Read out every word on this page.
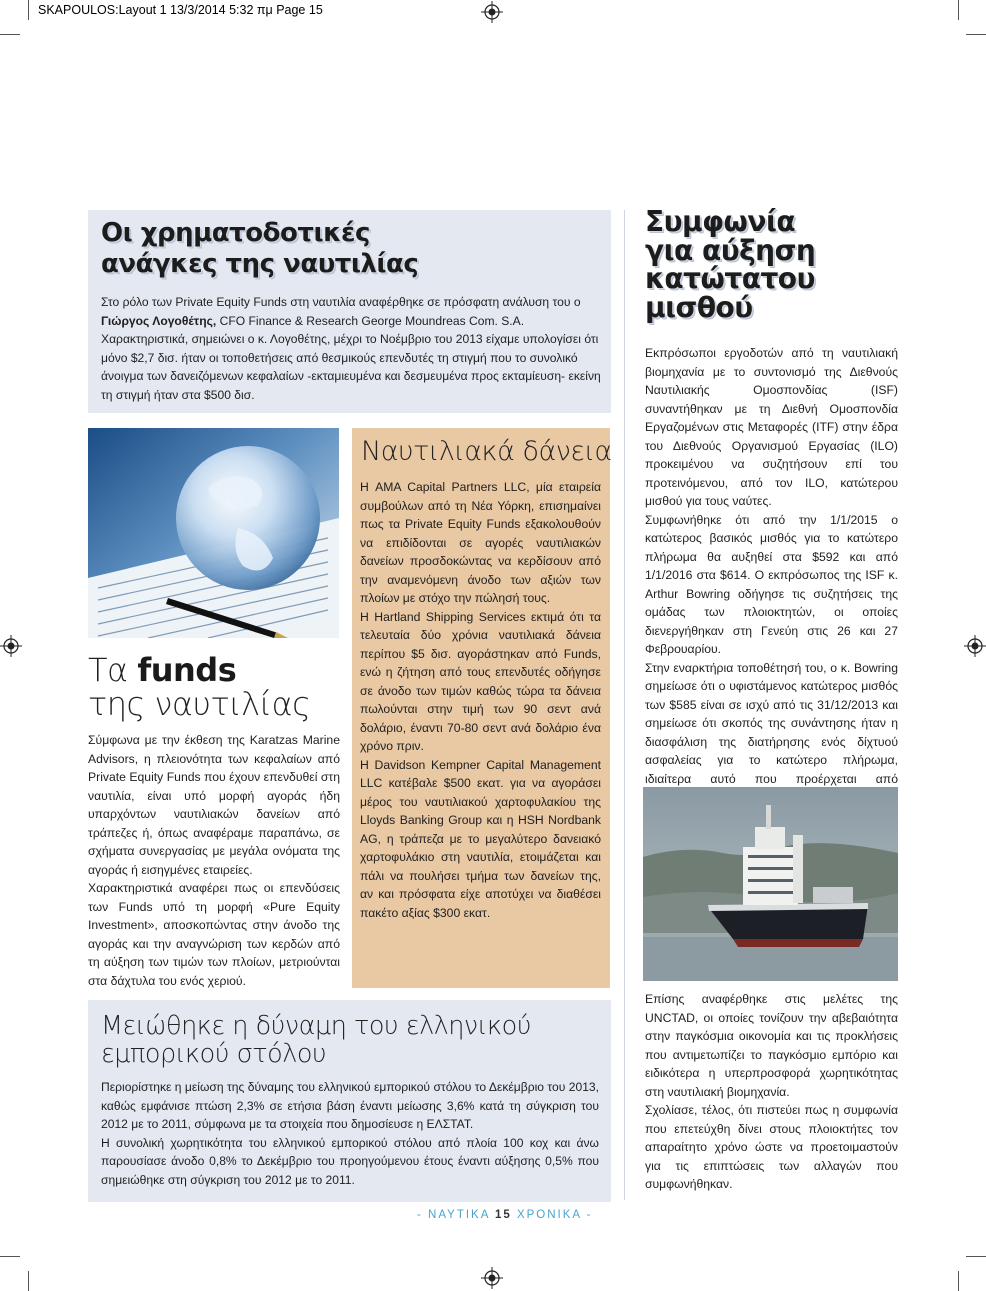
SKAPOULOS:Layout 1 13/3/2014 5:32 πμ Page 15
Οι χρηματοδοτικές
ανάγκες της ναυτιλίας
Στο ρόλο των Private Equity Funds στη ναυτιλία αναφέρθηκε σε πρόσφατη ανάλυση του ο Γιώργος Λογοθέτης, CFO Finance & Research George Moundreas Com. S.A. Χαρακτηριστικά, σημειώνει ο κ. Λογοθέτης, μέχρι το Νοέμβριο του 2013 είχαμε υπολογίσει ότι μόνο $2,7 δισ. ήταν οι τοποθετήσεις από θεσμικούς επενδυτές τη στιγμή που το συνολικό άνοιγμα των δανειζόμενων κεφαλαίων -εκταμιευμένα και δεσμευμένα προς εκταμίευση- εκείνη τη στιγμή ήταν στα $500 δισ.
Τα funds
της ναυτιλίας

Σύμφωνα με την έκθεση της Karatzas Marine Advisors, η πλειονότητα των κεφαλαίων από Private Equity Funds που έχουν επενδυθεί στη ναυτιλία, είναι υπό μορφή αγοράς ήδη υπαρχόντων ναυτιλιακών δανείων από τράπεζες ή, όπως αναφέραμε παραπάνω, σε σχήματα συνεργασίας με μεγάλα ονόματα της αγοράς ή εισηγμένες εταιρείες.

Χαρακτηριστικά αναφέρει πως οι επενδύσεις των Funds υπό τη μορφή «Pure Equity Investment», αποσκοπώντας στην άνοδο της αγοράς και την αναγνώριση των κερδών από τη αύξηση των τιμών των πλοίων, μετριούνται στα δάχτυλα του ενός χεριού.

Ναυτιλιακά δάνεια

Η AMA Capital Partners LLC, μία εταιρεία συμβούλων από τη Νέα Υόρκη, επισημαίνει πως τα Private Equity Funds εξακολουθούν να επιδίδονται σε αγορές ναυτιλιακών δανείων προσδοκώντας να κερδίσουν από την αναμενόμενη άνοδο των αξιών των πλοίων με στόχο την πώλησή τους.

Η Hartland Shipping Services εκτιμά ότι τα τελευταία δύο χρόνια ναυτιλιακά δάνεια περίπου $5 δισ. αγοράστηκαν από Funds, ενώ η ζήτηση από τους επενδυτές οδήγησε σε άνοδο των τιμών καθώς τώρα τα δάνεια πωλούνται στην τιμή των 90 σεντ ανά δολάριο, έναντι 70-80 σεντ ανά δολάριο ένα χρόνο πριν.

Η Davidson Kempner Capital Management LLC κατέβαλε $500 εκατ. για να αγοράσει μέρος του ναυτιλιακού χαρτοφυλακίου της Lloyds Banking Group και η HSH Nordbank AG, η τράπεζα με το μεγαλύτερο δανειακό χαρτοφυλάκιο στη ναυτιλία, ετοιμάζεται και πάλι να πουλήσει τμήμα των δανείων της, αν και πρόσφατα είχε αποτύχει να διαθέσει πακέτο αξίας $300 εκατ.

Μειώθηκε η δύναμη του ελληνικού
εμπορικού στόλου

Περιορίστηκε η μείωση της δύναμης του ελληνικού εμπορικού στόλου το Δεκέμβριο του 2013, καθώς εμφάνισε πτώση 2,3% σε ετήσια βάση έναντι μείωσης 3,6% κατά τη σύγκριση του 2012 με το 2011, σύμφωνα με τα στοιχεία που δημοσίευσε η ΕΛΣΤΑΤ.

Η συνολική χωρητικότητα του ελληνικού εμπορικού στόλου από πλοία 100 κοχ και άνω παρουσίασε άνοδο 0,8% το Δεκέμβριο του προηγούμενου έτους έναντι αύξησης 0,5% που σημειώθηκε στη σύγκριση του 2012 με το 2011.

Συμφωνία
για αύξηση
κατώτατου
μισθού

Εκπρόσωποι εργοδοτών από τη ναυτιλιακή βιομηχανία με το συντονισμό της Διεθνούς Ναυτιλιακής Ομοσπονδίας (ISF) συναντήθηκαν με τη Διεθνή Ομοσπονδία Εργαζομένων στις Μεταφορές (ITF) στην έδρα του Διεθνούς Οργανισμού Εργασίας (ILO) προκειμένου να συζητήσουν επί του προτεινόμενου, από τον ILO, κατώτερου μισθού για τους ναύτες.

Συμφωνήθηκε ότι από την 1/1/2015 ο κατώτερος βασικός μισθός για το κατώτερο πλήρωμα θα αυξηθεί στα $592 και από 1/1/2016 στα $614. Ο εκπρόσωπος της ISF κ. Arthur Bowring οδήγησε τις συζητήσεις της ομάδας των πλοιοκτητών, οι οποίες διενεργήθηκαν στη Γενεύη στις 26 και 27 Φεβρουαρίου.

Στην εναρκτήρια τοποθέτησή του, ο κ. Bowring σημείωσε ότι ο υφιστάμενος κατώτερος μισθός των $585 είναι σε ισχύ από τις 31/12/2013 και σημείωσε ότι σκοπός της συνάντησης ήταν η διασφάλιση της διατήρησης ενός δίχτυού ασφαλείας για το κατώτερο πλήρωμα, ιδιαίτερα αυτό που προέρχεται από

Επίσης αναφέρθηκε στις μελέτες της UNCTAD, οι οποίες τονίζουν την αβεβαιότητα στην παγκόσμια οικονομία και τις προκλήσεις που αντιμετωπίζει το παγκόσμιο εμπόριο και ειδικότερα η υπερπροσφορά χωρητικότητας στη ναυτιλιακή βιομηχανία.

Σχολίασε, τέλος, ότι πιστεύει πως η συμφωνία που επετεύχθη δίνει στους πλοιοκτήτες τον απαραίτητο χρόνο ώστε να προετοιμαστούν για τις επιπτώσεις των αλλαγών που συμφωνήθηκαν.

- ΝΑΥΤΙΚΑ 15 ΧΡΟΝΙΚΑ -
